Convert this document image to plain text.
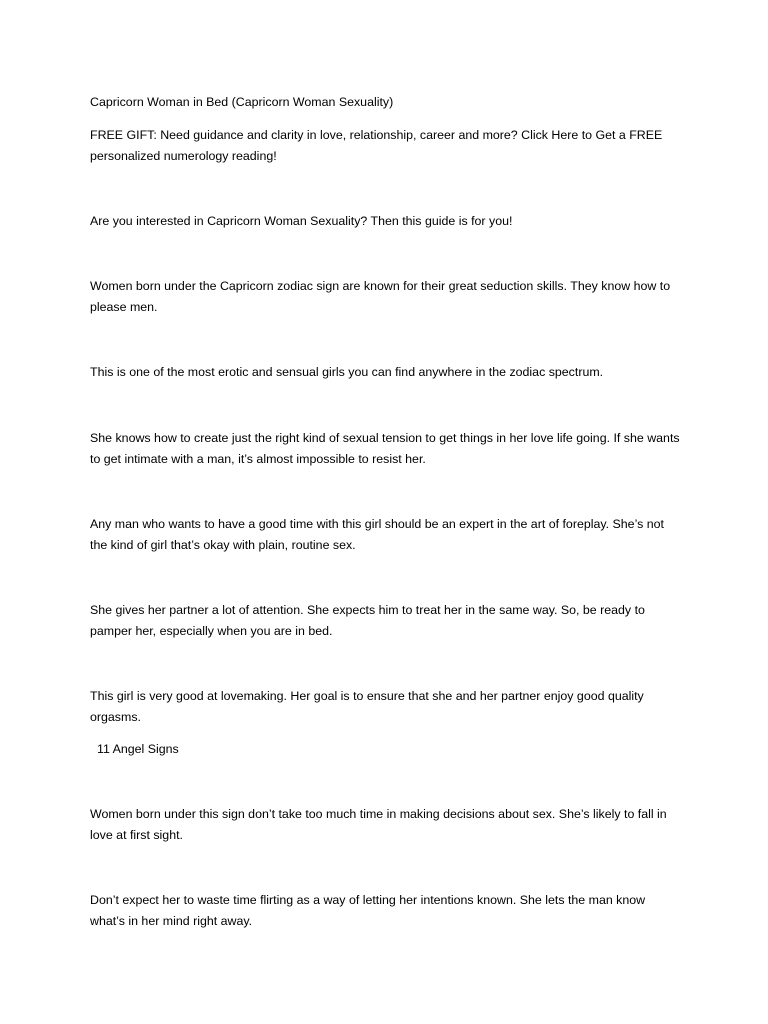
Capricorn Woman in Bed (Capricorn Woman Sexuality)

FREE GIFT: Need guidance and clarity in love, relationship, career and more? Click Here to Get a FREE personalized numerology reading!

Are you interested in Capricorn Woman Sexuality? Then this guide is for you!

Women born under the Capricorn zodiac sign are known for their great seduction skills. They know how to please men.

This is one of the most erotic and sensual girls you can find anywhere in the zodiac spectrum.

She knows how to create just the right kind of sexual tension to get things in her love life going. If she wants to get intimate with a man, it’s almost impossible to resist her.

Any man who wants to have a good time with this girl should be an expert in the art of foreplay. She’s not the kind of girl that’s okay with plain, routine sex.

She gives her partner a lot of attention. She expects him to treat her in the same way. So, be ready to pamper her, especially when you are in bed.

This girl is very good at lovemaking. Her goal is to ensure that she and her partner enjoy good quality orgasms.

11 Angel Signs

Women born under this sign don’t take too much time in making decisions about sex. She’s likely to fall in love at first sight.

Don’t expect her to waste time flirting as a way of letting her intentions known. She lets the man know what’s in her mind right away.
